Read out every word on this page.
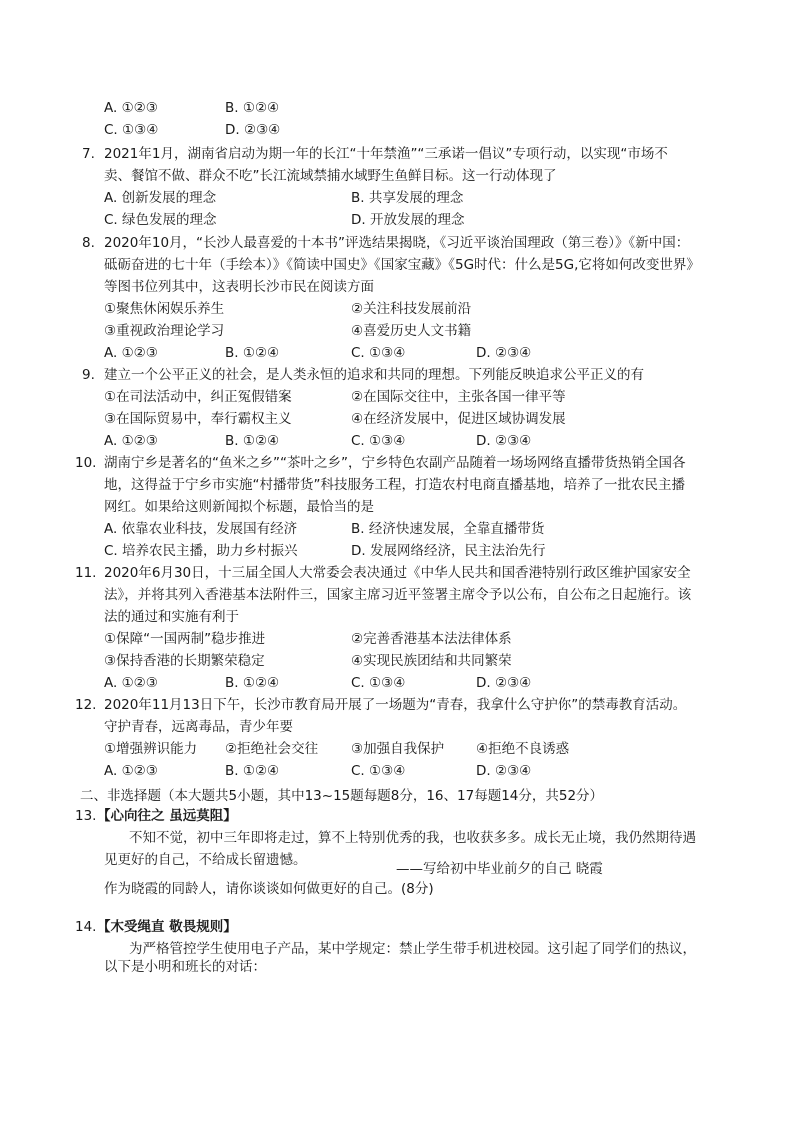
A. ①②③	B. ①②④
C. ①③④	D. ②③④
7. 2021年1月，湖南省启动为期一年的长江“十年禁渔”“三承诺一倡议”专项行动，以实现“市场不
卖、餐馆不做、群众不吃”长江流域禁捕水域野生鱼鲜目标。这一行动体现了
A. 创新发展的理念	B. 共享发展的理念
C. 绿色发展的理念	D. 开放发展的理念
8. 2020年10月，“长沙人最喜爱的十本书”评选结果揭晓，《习近平谈治国理政（第三卷）》《新中国：
砥砺奋进的七十年（手绘本）》《简读中国史》《国家宝藏》《5G时代：什么是5G,它将如何改变世界》
等图书位列其中，这表明长沙市民在阅读方面
①聚焦休闲娱乐养生	②关注科技发展前沿
③重视政治理论学习	④喜爱历史人文书籍
A. ①②③	B. ①②④	C. ①③④	D. ②③④
9. 建立一个公平正义的社会，是人类永恒的追求和共同的理想。下列能反映追求公平正义的有
①在司法活动中，纠正冤假错案	②在国际交往中，主张各国一律平等
③在国际贸易中，奉行霸权主义	④在经济发展中，促进区域协调发展
A. ①②③	B. ①②④	C. ①③④	D. ②③④
10. 湖南宁乡是著名的“鱼米之乡”“茶叶之乡”，宁乡特色农副产品随着一场场网络直播带货热销全国各
地，这得益于宁乡市实施“村播带货”科技服务工程，打造农村电商直播基地，培养了一批农民主播
网红。如果给这则新闻拟个标题，最恰当的是
A. 依靠农业科技，发展国有经济	B. 经济快速发展，全靠直播带货
C. 培养农民主播，助力乡村振兴	D. 发展网络经济，民主法治先行
11. 2020年6月30日，十三届全国人大常委会表决通过《中华人民共和国香港特别行政区维护国家安全
法》，并将其列入香港基本法附件三，国家主席习近平签署主席令予以公布，自公布之日起施行。该
法的通过和实施有利于
①保障“一国两制”稳步推进	②完善香港基本法法律体系
③保持香港的长期繁荣稳定	④实现民族团结和共同繁荣
A. ①②③	B. ①②④	C. ①③④	D. ②③④
12. 2020年11月13日下午，长沙市教育局开展了一场题为“青春，我拿什么守护你”的禁毒教育活动。
守护青春，远离毒品，青少年要
①增强辨识能力 ②拒绝社会交往 ③加强自我保护 ④拒绝不良诱惑
A. ①②③	B. ①②④	C. ①③④	D. ②③④
二、非选择题（本大题共5小题，其中13~15题每题8分，16、17每题14分，共52分）
13. 【心向往之 虽远莫阻】
不知不觉，初中三年即将走过，算不上特别优秀的我，也收获多多。成长无止境，我仍然期待遇
见更好的自己，不给成长留遗憾。
——写给初中毕业前夕的自己 晓霞
作为晓霞的同龄人，请你谈谈如何做更好的自己。(8分)
14. 【木受绳直 敬畏规则】
为严格管控学生使用电子产品，某中学规定：禁止学生带手机进校园。这引起了同学们的热议，
以下是小明和班长的对话：
